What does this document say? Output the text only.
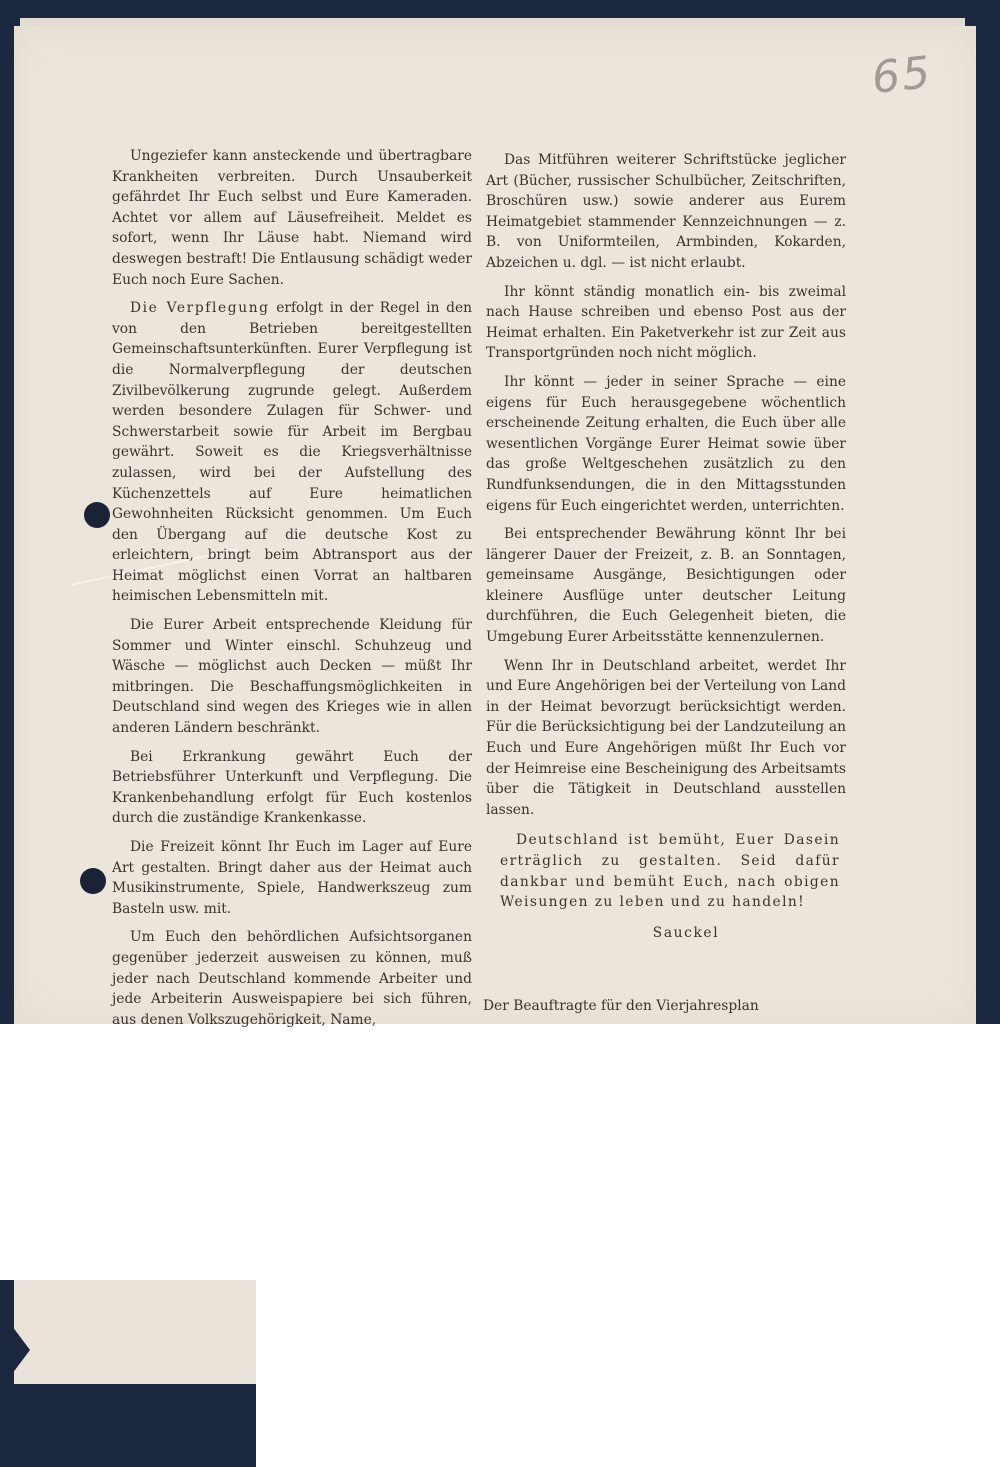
65

Ungeziefer kann ansteckende und übertragbare Krankheiten verbreiten. Durch Unsauberkeit gefährdet Ihr Euch selbst und Eure Kameraden. Achtet vor allem auf Läusefreiheit. Meldet es sofort, wenn Ihr Läuse habt. Niemand wird deswegen bestraft! Die Entlausung schädigt weder Euch noch Eure Sachen.

Die Verpflegung erfolgt in der Regel in den von den Betrieben bereitgestellten Gemeinschaftsunterkünften. Eurer Verpflegung ist die Normalverpflegung der deutschen Zivilbevölkerung zugrunde gelegt. Außerdem werden besondere Zulagen für Schwer- und Schwerstarbeit sowie für Arbeit im Bergbau gewährt. Soweit es die Kriegsverhältnisse zulassen, wird bei der Aufstellung des Küchenzettels auf Eure heimatlichen Gewohnheiten Rücksicht genommen. Um Euch den Übergang auf die deutsche Kost zu erleichtern, bringt beim Abtransport aus der Heimat möglichst einen Vorrat an haltbaren heimischen Lebensmitteln mit.

Die Eurer Arbeit entsprechende Kleidung für Sommer und Winter einschl. Schuhzeug und Wäsche — möglichst auch Decken — müßt Ihr mitbringen. Die Beschaffungsmöglichkeiten in Deutschland sind wegen des Krieges wie in allen anderen Ländern beschränkt.

Bei Erkrankung gewährt Euch der Betriebsführer Unterkunft und Verpflegung. Die Krankenbehandlung erfolgt für Euch kostenlos durch die zuständige Krankenkasse.

Die Freizeit könnt Ihr Euch im Lager auf Eure Art gestalten. Bringt daher aus der Heimat auch Musikinstrumente, Spiele, Handwerkszeug zum Basteln usw. mit.

Um Euch den behördlichen Aufsichtsorganen gegenüber jederzeit ausweisen zu können, muß jeder nach Deutschland kommende Arbeiter und jede Arbeiterin Ausweispapiere bei sich führen, aus denen Volkszugehörigkeit, Name,

Das Mitführen weiterer Schriftstücke jeglicher Art (Bücher, russischer Schulbücher, Zeitschriften, Broschüren usw.) sowie anderer aus Eurem Heimatgebiet stammender Kennzeichnungen — z. B. von Uniformteilen, Armbinden, Kokarden, Abzeichen u. dgl. — ist nicht erlaubt.

Ihr könnt ständig monatlich ein- bis zweimal nach Hause schreiben und ebenso Post aus der Heimat erhalten. Ein Paketverkehr ist zur Zeit aus Transportgründen noch nicht möglich.

Ihr könnt — jeder in seiner Sprache — eine eigens für Euch herausgegebene wöchentlich erscheinende Zeitung erhalten, die Euch über alle wesentlichen Vorgänge Eurer Heimat sowie über das große Weltgeschehen zusätzlich zu den Rundfunksendungen, die in den Mittagsstunden eigens für Euch eingerichtet werden, unterrichten.

Bei entsprechender Bewährung könnt Ihr bei längerer Dauer der Freizeit, z. B. an Sonntagen, gemeinsame Ausgänge, Besichtigungen oder kleinere Ausflüge unter deutscher Leitung durchführen, die Euch Gelegenheit bieten, die Umgebung Eurer Arbeitsstätte kennenzulernen.

Wenn Ihr in Deutschland arbeitet, werdet Ihr und Eure Angehörigen bei der Verteilung von Land in der Heimat bevorzugt berücksichtigt werden. Für die Berücksichtigung bei der Landzuteilung an Euch und Eure Angehörigen müßt Ihr Euch vor der Heimreise eine Bescheinigung des Arbeitsamts über die Tätigkeit in Deutschland ausstellen lassen.

Deutschland ist bemüht, Euer Dasein erträglich zu gestalten. Seid dafür dankbar und bemüht Euch, nach obigen Weisungen zu leben und zu handeln!

Sauckel

Der Beauftragte für den Vierjahresplan
